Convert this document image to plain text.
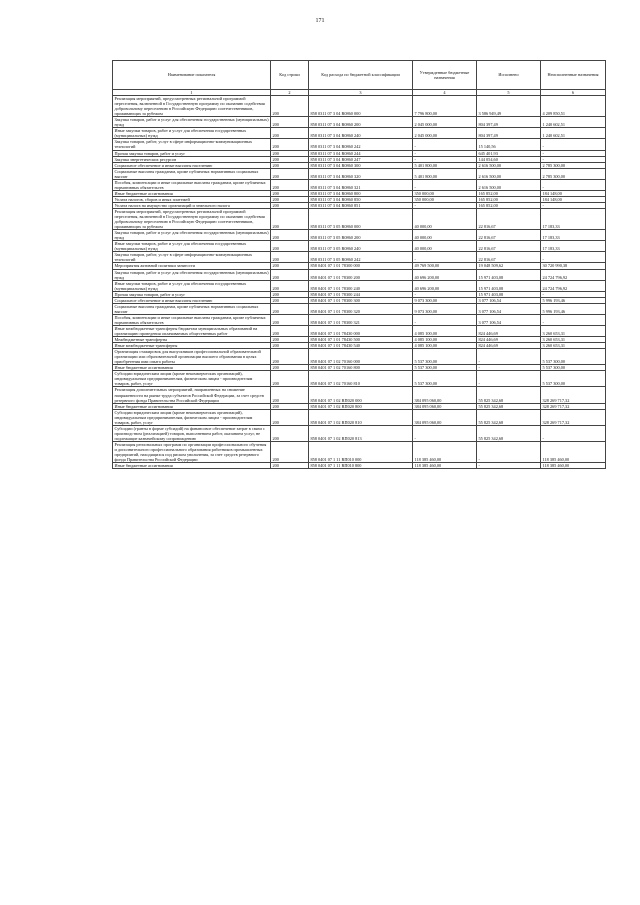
171
Наименование показателя	Код строки	Код расхода по бюджетной классификации	Утвержденные бюджетные назначения	Исполнено	Неисполненные назначения
1	2	3	4	5	6
Реализация мероприятий, предусмотренных региональной программой переселения, включенной в Государственную программу по оказанию содействия добровольному переселению в Российскую Федерацию соотечественников, проживающих за рубежом	200	858 0311 07 3 04 R0860 000	7 796 800,00	3 586 949,49	4 209 850,51
Закупка товаров, работ и услуг для обеспечения государственных (муниципальных) нужд	200	858 0311 07 3 04 R0860 200	2 045 000,00	804 397,49	1 240 602,51
Иные закупки товаров, работ и услуг для обеспечения государственных (муниципальных) нужд	200	858 0311 07 3 04 R0860 240	2 045 000,00	804 397,49	1 240 602,51
Закупка товаров, работ, услуг в сфере информационно-коммуникационных технологий	200	858 0311 07 3 04 R0860 242	-	15 140,56	-
Прочая закупка товаров, работ и услуг	200	858 0311 07 3 04 R0860 244	-	645 401,93	-
Закупка энергетических ресурсов	200	858 0311 07 3 04 R0860 247	-	144 054,60	-
Социальное обеспечение и иные выплаты населению	200	858 0311 07 3 04 R0860 300	5 401 800,00	2 616 500,00	2 785 300,00
Социальные выплаты гражданам, кроме публичных нормативных социальных выплат	200	858 0311 07 3 04 R0860 320	5 401 800,00	2 616 500,00	2 785 300,00
Пособия, компенсации и иные социальные выплаты гражданам, кроме публичных нормативных обязательств	200	858 0311 07 3 04 R0860 321	-	2 616 500,00	-
Иные бюджетные ассигнования	200	858 0311 07 3 04 R0860 800	350 000,00	165 852,00	184 148,00
Уплата налогов, сборов и иных платежей	200	858 0311 07 3 04 R0860 850	350 000,00	165 852,00	184 148,00
Уплата налога на имущество организаций и земельного налога	200	858 0311 07 3 04 R0860 851	-	165 852,00	-
Реализация мероприятий, предусмотренных региональной программой переселения, включенной в Государственную программу по оказанию содействия добровольному переселению в Российскую Федерацию соотечественников, проживающих за рубежом	200	858 0311 07 3 05 R0860 000	40 000,00	22 816,67	17 183,33
Закупка товаров, работ и услуг для обеспечения государственных (муниципальных) нужд	200	858 0311 07 3 05 R0860 200	40 000,00	22 816,67	17 183,33
Иные закупки товаров, работ и услуг для обеспечения государственных (муниципальных) нужд	200	858 0311 07 3 05 R0860 240	40 000,00	22 816,67	17 183,33
Закупка товаров, работ, услуг в сфере информационно-коммуникационных технологий	200	858 0311 07 3 05 R0860 242	-	22 816,67	-
Мероприятия активной политики занятости	200	858 0401 07 1 01 78300 000	49 769 500,00	19 048 509,62	30 720 990,38
Закупка товаров, работ и услуг для обеспечения государственных (муниципальных) нужд	200	858 0401 07 1 01 78300 200	40 696 200,00	15 971 403,08	24 724 796,92
Иные закупки товаров, работ и услуг для обеспечения государственных (муниципальных) нужд	200	858 0401 07 1 01 78300 240	40 696 200,00	15 971 403,08	24 724 796,92
Прочая закупка товаров, работ и услуг	200	858 0401 07 1 01 78300 244	-	15 971 403,08	-
Социальное обеспечение и иные выплаты населению	200	858 0401 07 1 01 78300 300	9 073 300,00	3 077 106,54	5 996 193,46
Социальные выплаты гражданам, кроме публичных нормативных социальных выплат	200	858 0401 07 1 01 78300 320	9 073 300,00	3 077 106,54	5 996 193,46
Пособия, компенсации и иные социальные выплаты гражданам, кроме публичных нормативных обязательств	200	858 0401 07 1 01 78300 321	-	3 077 106,54	-
Иные межбюджетные трансферты бюджетам муниципальных образований на организацию проведения оплачиваемых общественных работ	200	858 0401 07 1 01 78430 000	4 085 100,00	824 446,69	3 260 653,31
Межбюджетные трансферты	200	858 0401 07 1 01 78430 500	4 085 100,00	824 446,69	3 260 653,31
Иные межбюджетные трансферты	200	858 0401 07 1 01 78430 540	4 085 100,00	824 446,69	3 260 653,31
Организация стажировок для выпускников профессиональной образовательной организации или образовательной организации высшего образования в целях приобретения ими опыта работы	200	858 0401 07 1 02 70160 000	5 537 300,00	-	5 537 300,00
Иные бюджетные ассигнования	200	858 0401 07 1 02 70160 800	5 537 300,00	-	5 537 300,00
Субсидии юридическим лицам (кроме некоммерческих организаций), индивидуальным предпринимателям, физическим лицам - производителям товаров, работ, услуг	200	858 0401 07 1 02 70160 810	5 537 300,00	-	5 537 300,00
Реализация дополнительных мероприятий, направленных на снижение напряженности на рынке труда субъектов Российской Федерации, за счет средств резервного фонда Правительства Российской Федерации	200	858 0401 07 1 02 RП020 000	384 095 060,00	55 825 342,68	328 269 717,32
Иные бюджетные ассигнования	200	858 0401 07 1 02 RП020 800	384 095 060,00	55 825 342,68	328 269 717,32
Субсидии юридическим лицам (кроме некоммерческих организаций), индивидуальным предпринимателям, физическим лицам - производителям товаров, работ, услуг	200	858 0401 07 1 02 RП020 810	384 095 060,00	55 825 342,68	328 269 717,32
Субсидии (гранты в форме субсидий) на финансовое обеспечение затрат в связи с производством (реализацией) товаров, выполнением работ, оказанием услуг, не подлежащие казначейскому сопровождению	200	858 0401 07 1 02 RП020 813	-	55 825 342,68	-
Реализация региональных программ по организации профессионального обучения и дополнительного профессионального образования работников промышленных предприятий, находящихся под риском увольнения, за счет средств резервного фонда Правительства Российской Федерации	200	858 0401 07 1 11 RП010 000	118 385 460,00	-	118 385 460,00
Иные бюджетные ассигнования	200	858 0401 07 1 11 RП010 800	118 385 460,00	-	118 385 460,00
